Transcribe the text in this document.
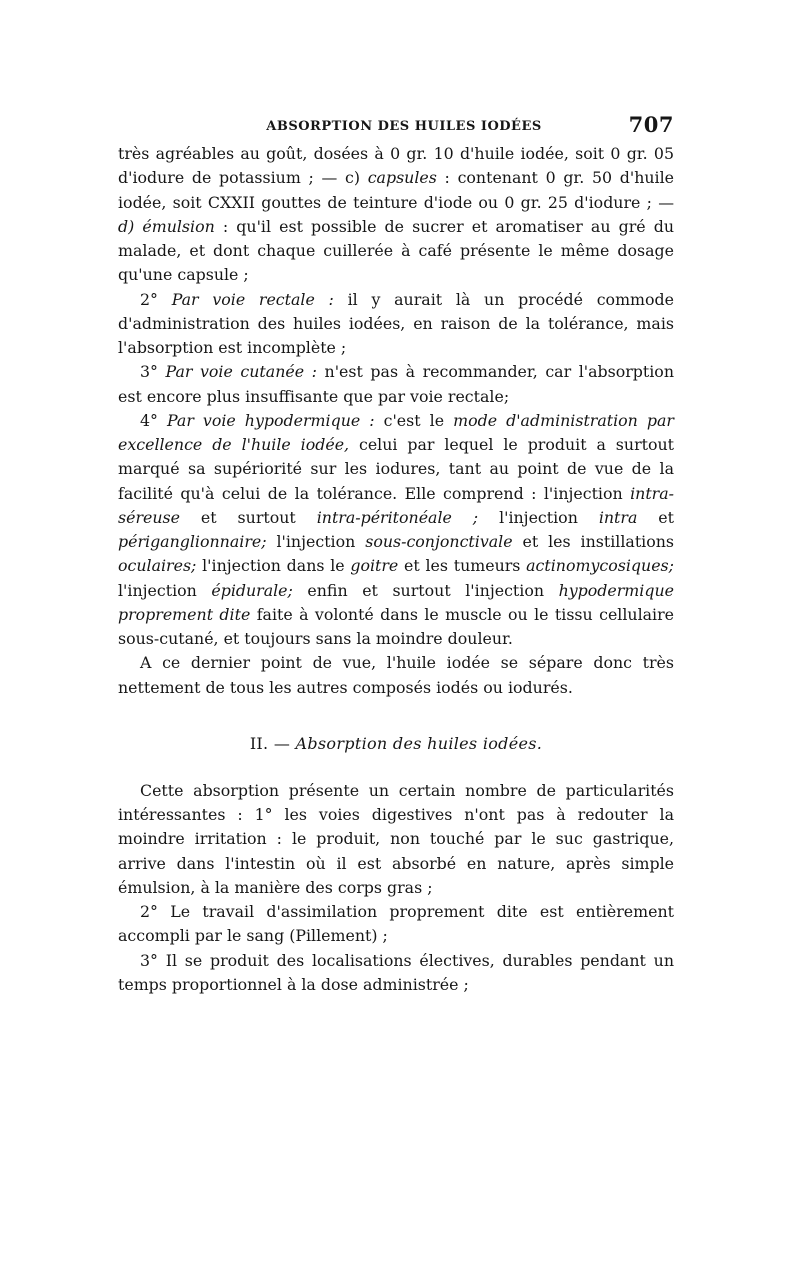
ABSORPTION DES HUILES IODÉES	707

très agréables au goût, dosées à 0 gr. 10 d'huile iodée, soit 0 gr. 05 d'iodure de potassium ; — c) capsules : contenant 0 gr. 50 d'huile iodée, soit CXXII gouttes de teinture d'iode ou 0 gr. 25 d'iodure ; — d) émulsion : qu'il est possible de sucrer et aromatiser au gré du malade, et dont chaque cuillerée à café présente le même dosage qu'une capsule ;

2° Par voie rectale : il y aurait là un procédé commode d'administration des huiles iodées, en raison de la tolérance, mais l'absorption est incomplète ;

3° Par voie cutanée : n'est pas à recommander, car l'absorption est encore plus insuffisante que par voie rectale;

4° Par voie hypodermique : c'est le mode d'administration par excellence de l'huile iodée, celui par lequel le produit a surtout marqué sa supériorité sur les iodures, tant au point de vue de la facilité qu'à celui de la tolérance. Elle comprend : l'injection intra-séreuse et surtout intra-péritonéale ; l'injection intra et périganglionnaire; l'injection sous-conjonctivale et les instillations oculaires; l'injection dans le goitre et les tumeurs actinomycosiques; l'injection épidurale; enfin et surtout l'injection hypodermique proprement dite faite à volonté dans le muscle ou le tissu cellulaire sous-cutané, et toujours sans la moindre douleur.

A ce dernier point de vue, l'huile iodée se sépare donc très nettement de tous les autres composés iodés ou iodurés.

II. — Absorption des huiles iodées.

Cette absorption présente un certain nombre de particularités intéressantes : 1° les voies digestives n'ont pas à redouter la moindre irritation : le produit, non touché par le suc gastrique, arrive dans l'intestin où il est absorbé en nature, après simple émulsion, à la manière des corps gras ;

2° Le travail d'assimilation proprement dite est entièrement accompli par le sang (Pillement) ;

3° Il se produit des localisations électives, durables pendant un temps proportionnel à la dose administrée ;
